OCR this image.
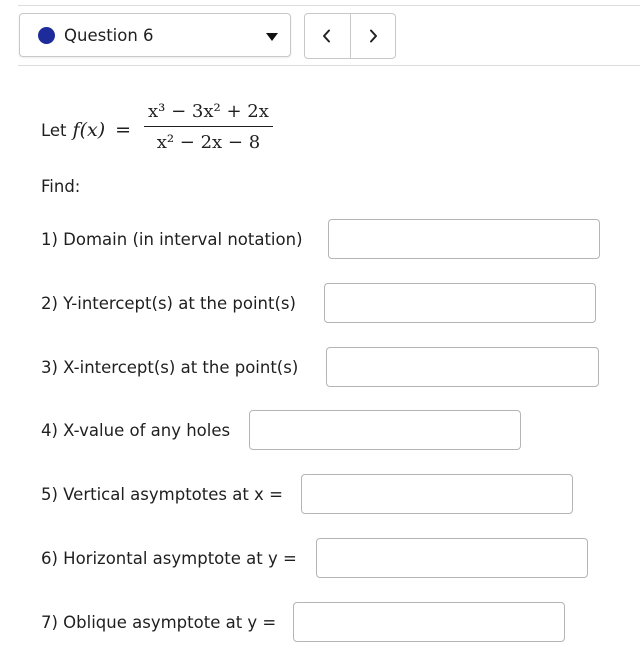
Question 6
Let $f(x) = \frac{\text{x³ − 3x² + 2x}}{\text{x² − 2x − 8}}$
Find:
1) Domain (in interval notation)
2) Y-intercept(s) at the point(s)
3) X-intercept(s) at the point(s)
4) X-value of any holes
5) Vertical asymptotes at x =
6) Horizontal asymptote at y =
7) Oblique asymptote at y =
